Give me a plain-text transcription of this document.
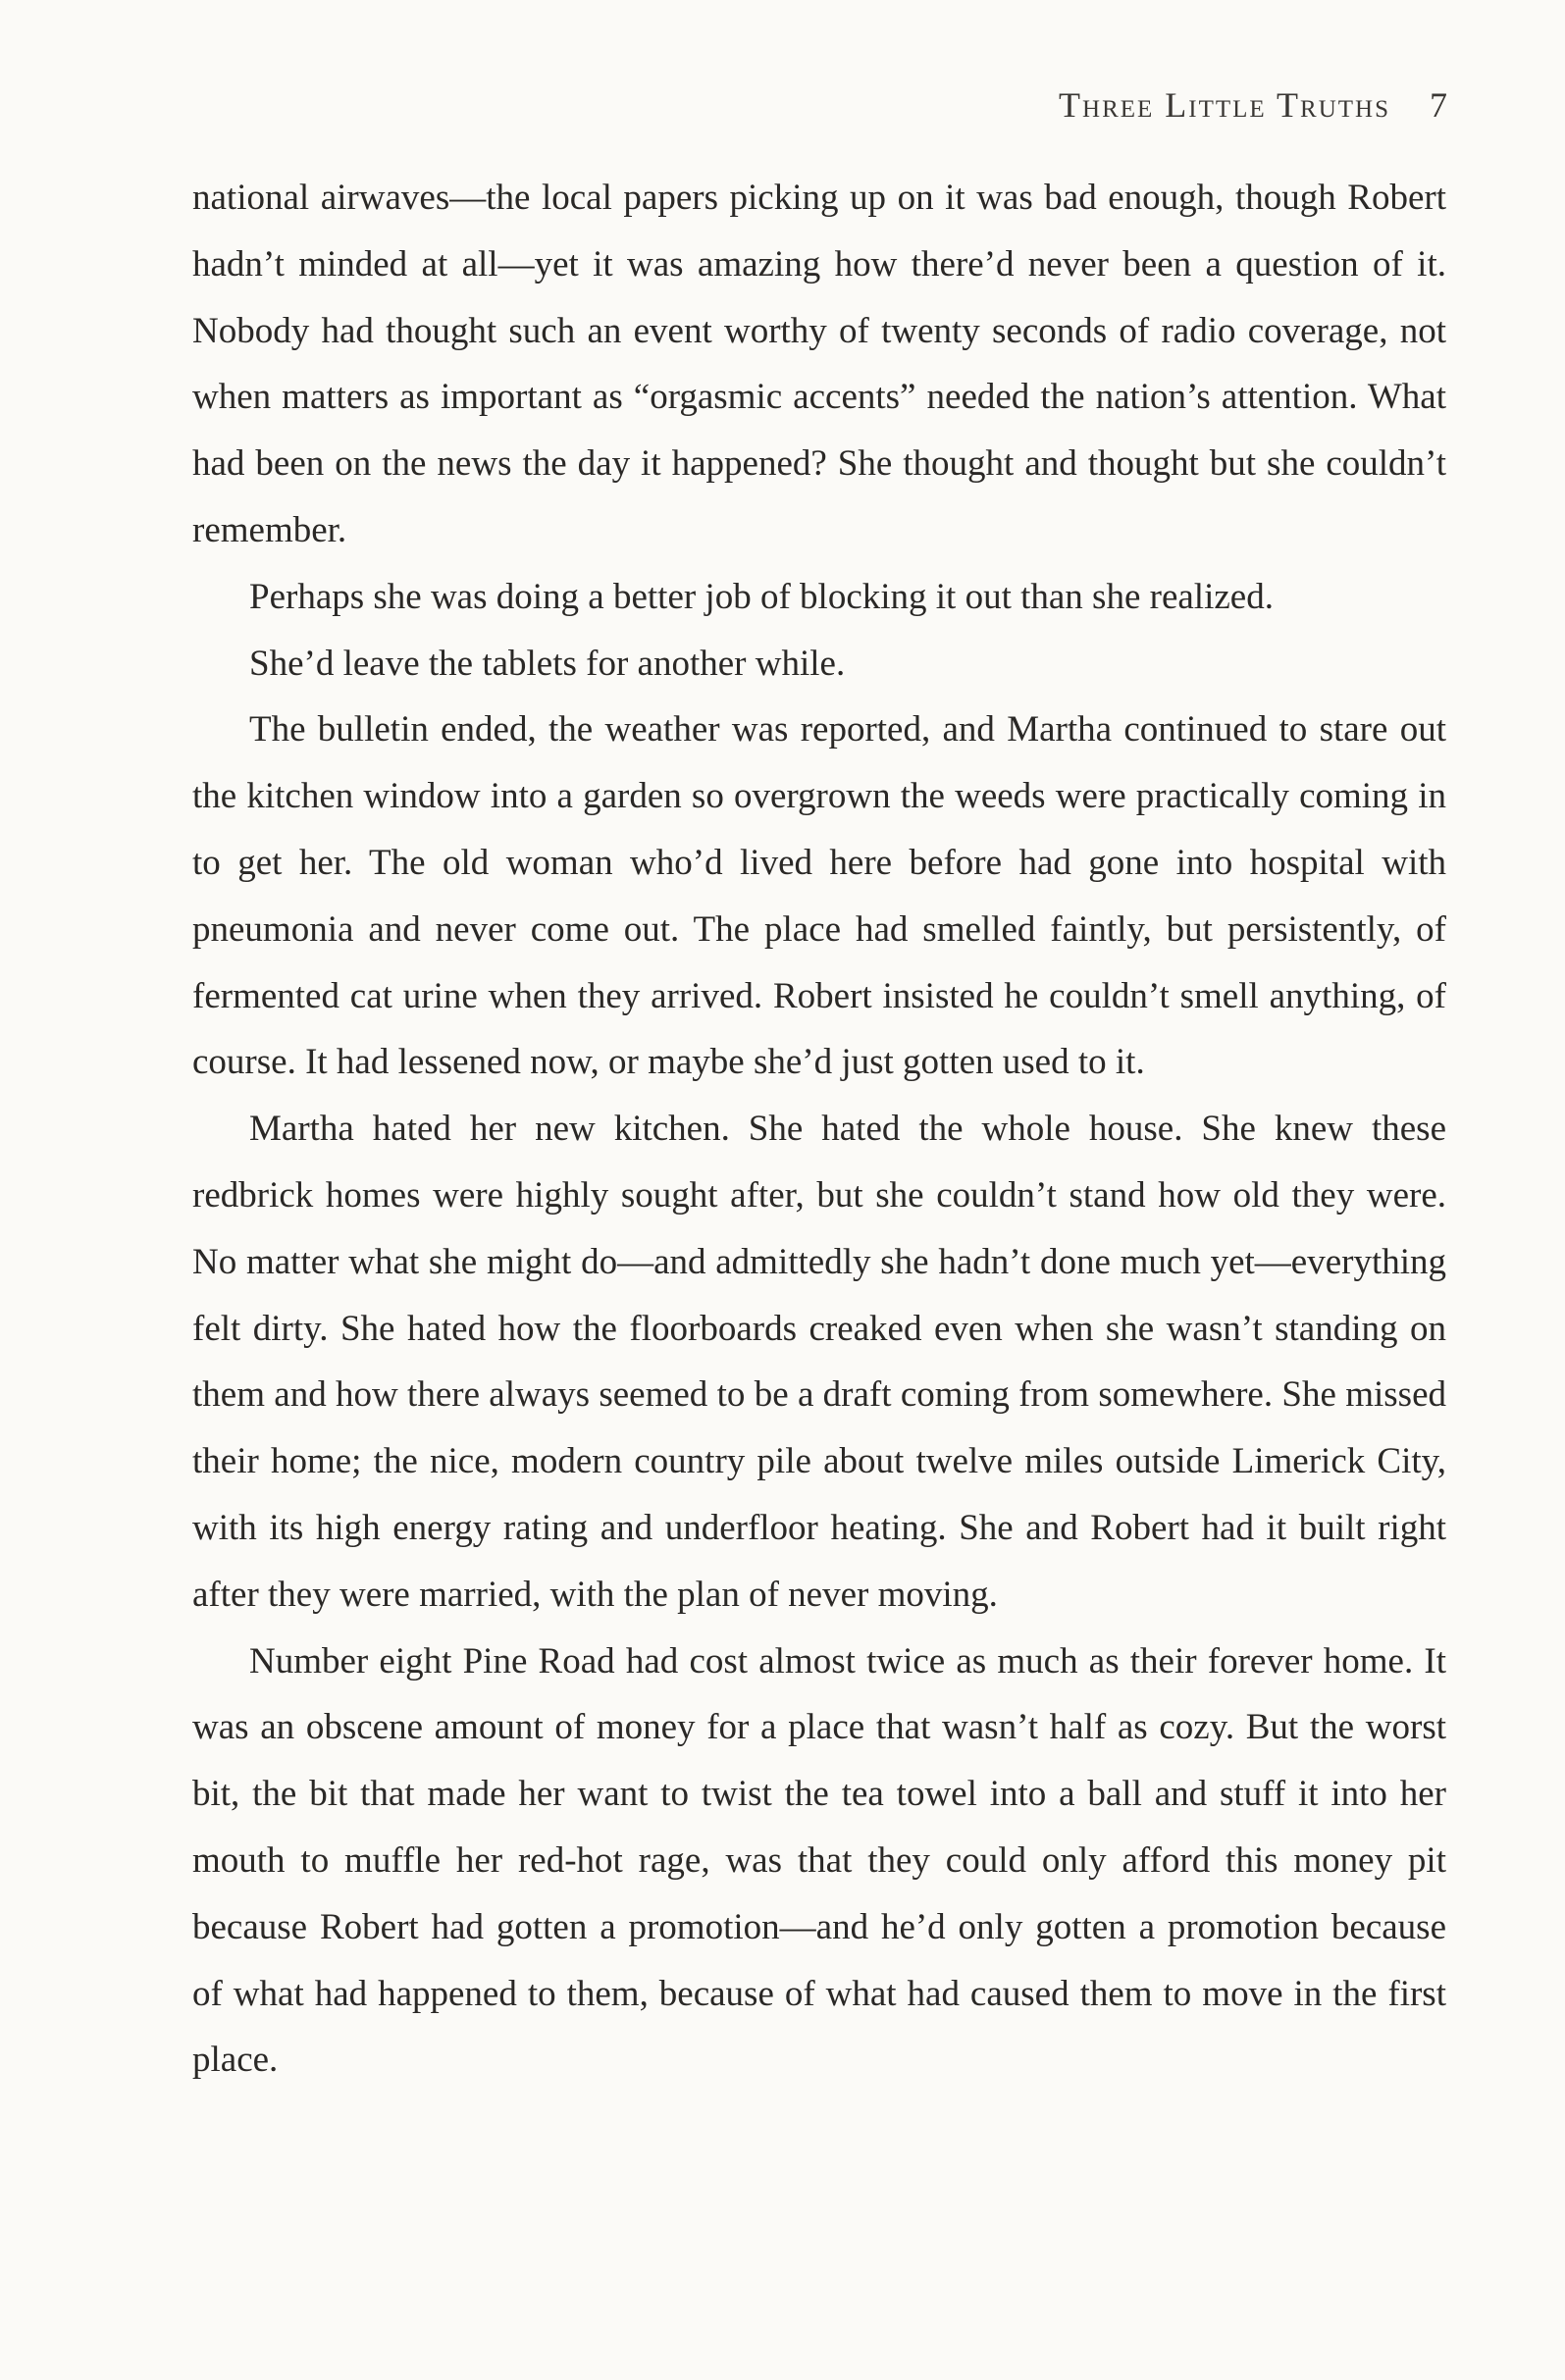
Three Little Truths 7

national airwaves—the local papers picking up on it was bad enough, though Robert hadn’t minded at all—yet it was amazing how there’d never been a question of it. Nobody had thought such an event worthy of twenty seconds of radio coverage, not when matters as important as “orgasmic accents” needed the nation’s attention. What had been on the news the day it happened? She thought and thought but she couldn’t remember.

Perhaps she was doing a better job of blocking it out than she realized.

She’d leave the tablets for another while.

The bulletin ended, the weather was reported, and Martha continued to stare out the kitchen window into a garden so overgrown the weeds were practically coming in to get her. The old woman who’d lived here before had gone into hospital with pneumonia and never come out. The place had smelled faintly, but persistently, of fermented cat urine when they arrived. Robert insisted he couldn’t smell anything, of course. It had lessened now, or maybe she’d just gotten used to it.

Martha hated her new kitchen. She hated the whole house. She knew these redbrick homes were highly sought after, but she couldn’t stand how old they were. No matter what she might do—and admittedly she hadn’t done much yet—everything felt dirty. She hated how the floorboards creaked even when she wasn’t standing on them and how there always seemed to be a draft coming from somewhere. She missed their home; the nice, modern country pile about twelve miles outside Limerick City, with its high energy rating and underfloor heating. She and Robert had it built right after they were married, with the plan of never moving.

Number eight Pine Road had cost almost twice as much as their forever home. It was an obscene amount of money for a place that wasn’t half as cozy. But the worst bit, the bit that made her want to twist the tea towel into a ball and stuff it into her mouth to muffle her red-hot rage, was that they could only afford this money pit because Robert had gotten a promotion—and he’d only gotten a promotion because of what had happened to them, because of what had caused them to move in the first place.
